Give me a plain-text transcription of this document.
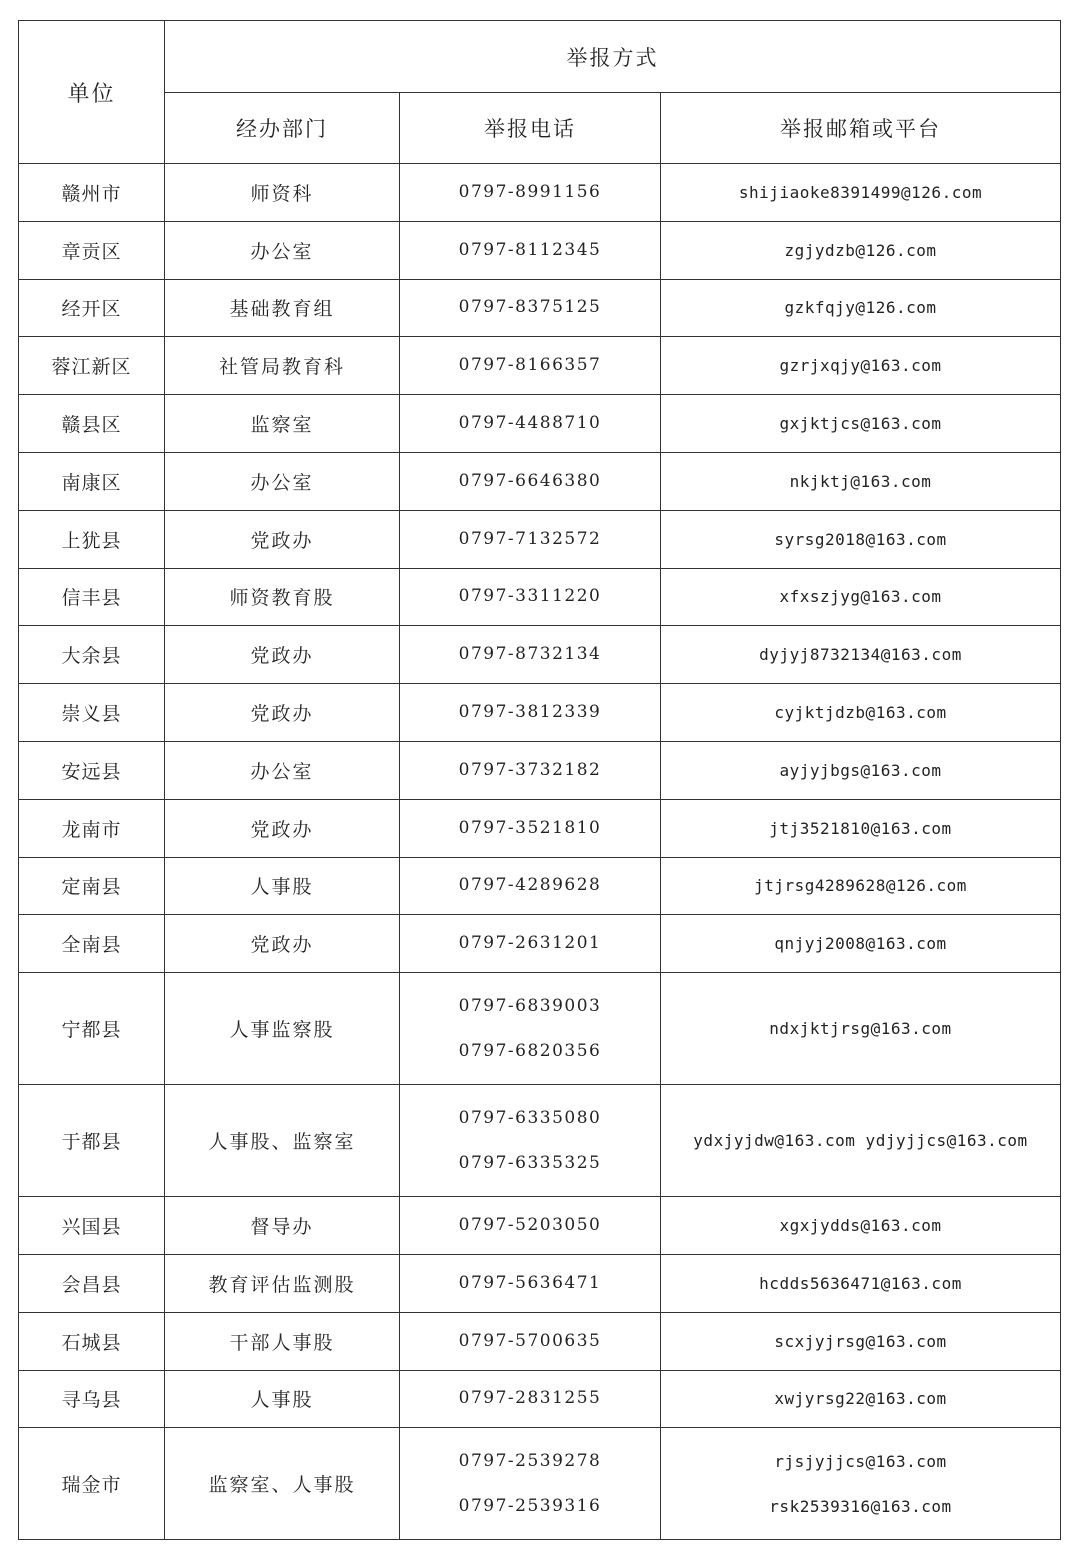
单位	举报方式		
	经办部门	举报电话	举报邮箱或平台
赣州市	师资科	0797-8991156	shijiaoke8391499@126.com

章贡区	办公室	0797-8112345	zgjydzb@126.com

经开区	基础教育组	0797-8375125	gzkfqjy@126.com

蓉江新区	社管局教育科	0797-8166357	gzrjxqjy@163.com

赣县区	监察室	0797-4488710	gxjktjcs@163.com

南康区	办公室	0797-6646380	nkjktj@163.com

上犹县	党政办	0797-7132572	syrsg2018@163.com

信丰县	师资教育股	0797-3311220	xfxszjyg@163.com

大余县	党政办	0797-8732134	dyjyj8732134@163.com

崇义县	党政办	0797-3812339	cyjktjdzb@163.com

安远县	办公室	0797-3732182	ayjyjbgs@163.com

龙南市	党政办	0797-3521810	jtj3521810@163.com

定南县	人事股	0797-4289628	jtjrsg4289628@126.com

全南县	党政办	0797-2631201	qnjyj2008@163.com

宁都县	人事监察股	0797-6839003
0797-6820356	ndxjktjrsg@163.com

于都县	人事股、监察室	0797-6335080
0797-6335325	ydxjyjdw@163.com ydjyjjcs@163.com

兴国县	督导办	0797-5203050	xgxjydds@163.com

会昌县	教育评估监测股	0797-5636471	hcdds5636471@163.com

石城县	干部人事股	0797-5700635	scxjyjrsg@163.com

寻乌县	人事股	0797-2831255	xwjyrsg22@163.com

瑞金市	监察室、人事股	0797-2539278
0797-2539316	rjsjyjjcs@163.com
rsk2539316@163.com
